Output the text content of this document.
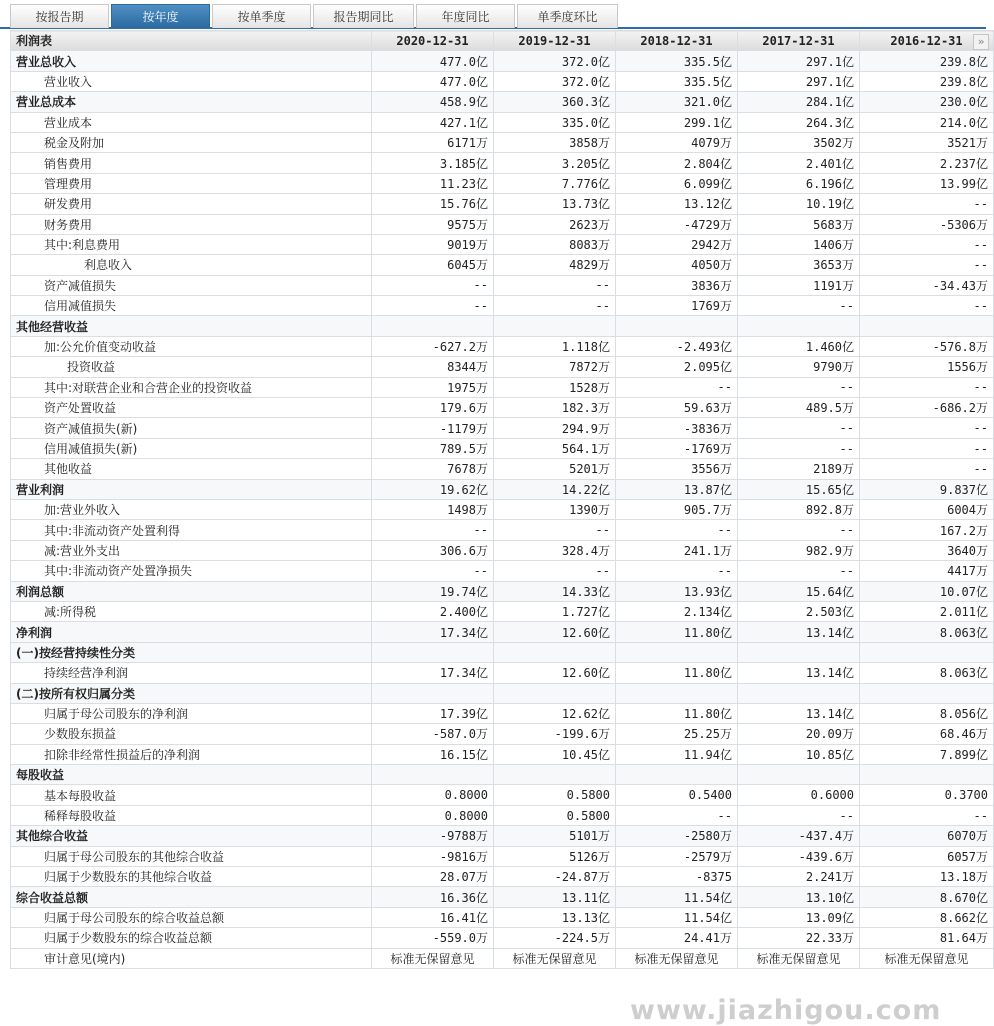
按报告期	按年度	按单季度	报告期同比	年度同比	单季度环比
利润表	2020-12-31	2019-12-31	2018-12-31	2017-12-31	2016-12-31 »

营业总收入	477.0亿	372.0亿	335.5亿	297.1亿	239.8亿
营业收入	477.0亿	372.0亿	335.5亿	297.1亿	239.8亿
营业总成本	458.9亿	360.3亿	321.0亿	284.1亿	230.0亿
营业成本	427.1亿	335.0亿	299.1亿	264.3亿	214.0亿
税金及附加	6171万	3858万	4079万	3502万	3521万
销售费用	3.185亿	3.205亿	2.804亿	2.401亿	2.237亿
管理费用	11.23亿	7.776亿	6.099亿	6.196亿	13.99亿
研发费用	15.76亿	13.73亿	13.12亿	10.19亿	--
财务费用	9575万	2623万	-4729万	5683万	-5306万
其中:利息费用	9019万	8083万	2942万	1406万	--
利息收入	6045万	4829万	4050万	3653万	--
资产减值损失	--	--	3836万	1191万	-34.43万
信用减值损失	--	--	1769万	--	--
其他经营收益					
加:公允价值变动收益	-627.2万	1.118亿	-2.493亿	1.460亿	-576.8万
投资收益	8344万	7872万	2.095亿	9790万	1556万
其中:对联营企业和合营企业的投资收益	1975万	1528万	--	--	--
资产处置收益	179.6万	182.3万	59.63万	489.5万	-686.2万
资产减值损失(新)	-1179万	294.9万	-3836万	--	--
信用减值损失(新)	789.5万	564.1万	-1769万	--	--
其他收益	7678万	5201万	3556万	2189万	--
营业利润	19.62亿	14.22亿	13.87亿	15.65亿	9.837亿
加:营业外收入	1498万	1390万	905.7万	892.8万	6004万
其中:非流动资产处置利得	--	--	--	--	167.2万
减:营业外支出	306.6万	328.4万	241.1万	982.9万	3640万
其中:非流动资产处置净损失	--	--	--	--	4417万
利润总额	19.74亿	14.33亿	13.93亿	15.64亿	10.07亿
减:所得税	2.400亿	1.727亿	2.134亿	2.503亿	2.011亿
净利润	17.34亿	12.60亿	11.80亿	13.14亿	8.063亿
(一)按经营持续性分类					
持续经营净利润	17.34亿	12.60亿	11.80亿	13.14亿	8.063亿
(二)按所有权归属分类					
归属于母公司股东的净利润	17.39亿	12.62亿	11.80亿	13.14亿	8.056亿
少数股东损益	-587.0万	-199.6万	25.25万	20.09万	68.46万
扣除非经常性损益后的净利润	16.15亿	10.45亿	11.94亿	10.85亿	7.899亿
每股收益					
基本每股收益	0.8000	0.5800	0.5400	0.6000	0.3700
稀释每股收益	0.8000	0.5800	--	--	--
其他综合收益	-9788万	5101万	-2580万	-437.4万	6070万
归属于母公司股东的其他综合收益	-9816万	5126万	-2579万	-439.6万	6057万
归属于少数股东的其他综合收益	28.07万	-24.87万	-8375	2.241万	13.18万
综合收益总额	16.36亿	13.11亿	11.54亿	13.10亿	8.670亿
归属于母公司股东的综合收益总额	16.41亿	13.13亿	11.54亿	13.09亿	8.662亿
归属于少数股东的综合收益总额	-559.0万	-224.5万	24.41万	22.33万	81.64万
审计意见(境内)	标准无保留意见	标准无保留意见	标准无保留意见	标准无保留意见	标准无保留意见
www.jiazhigou.com
